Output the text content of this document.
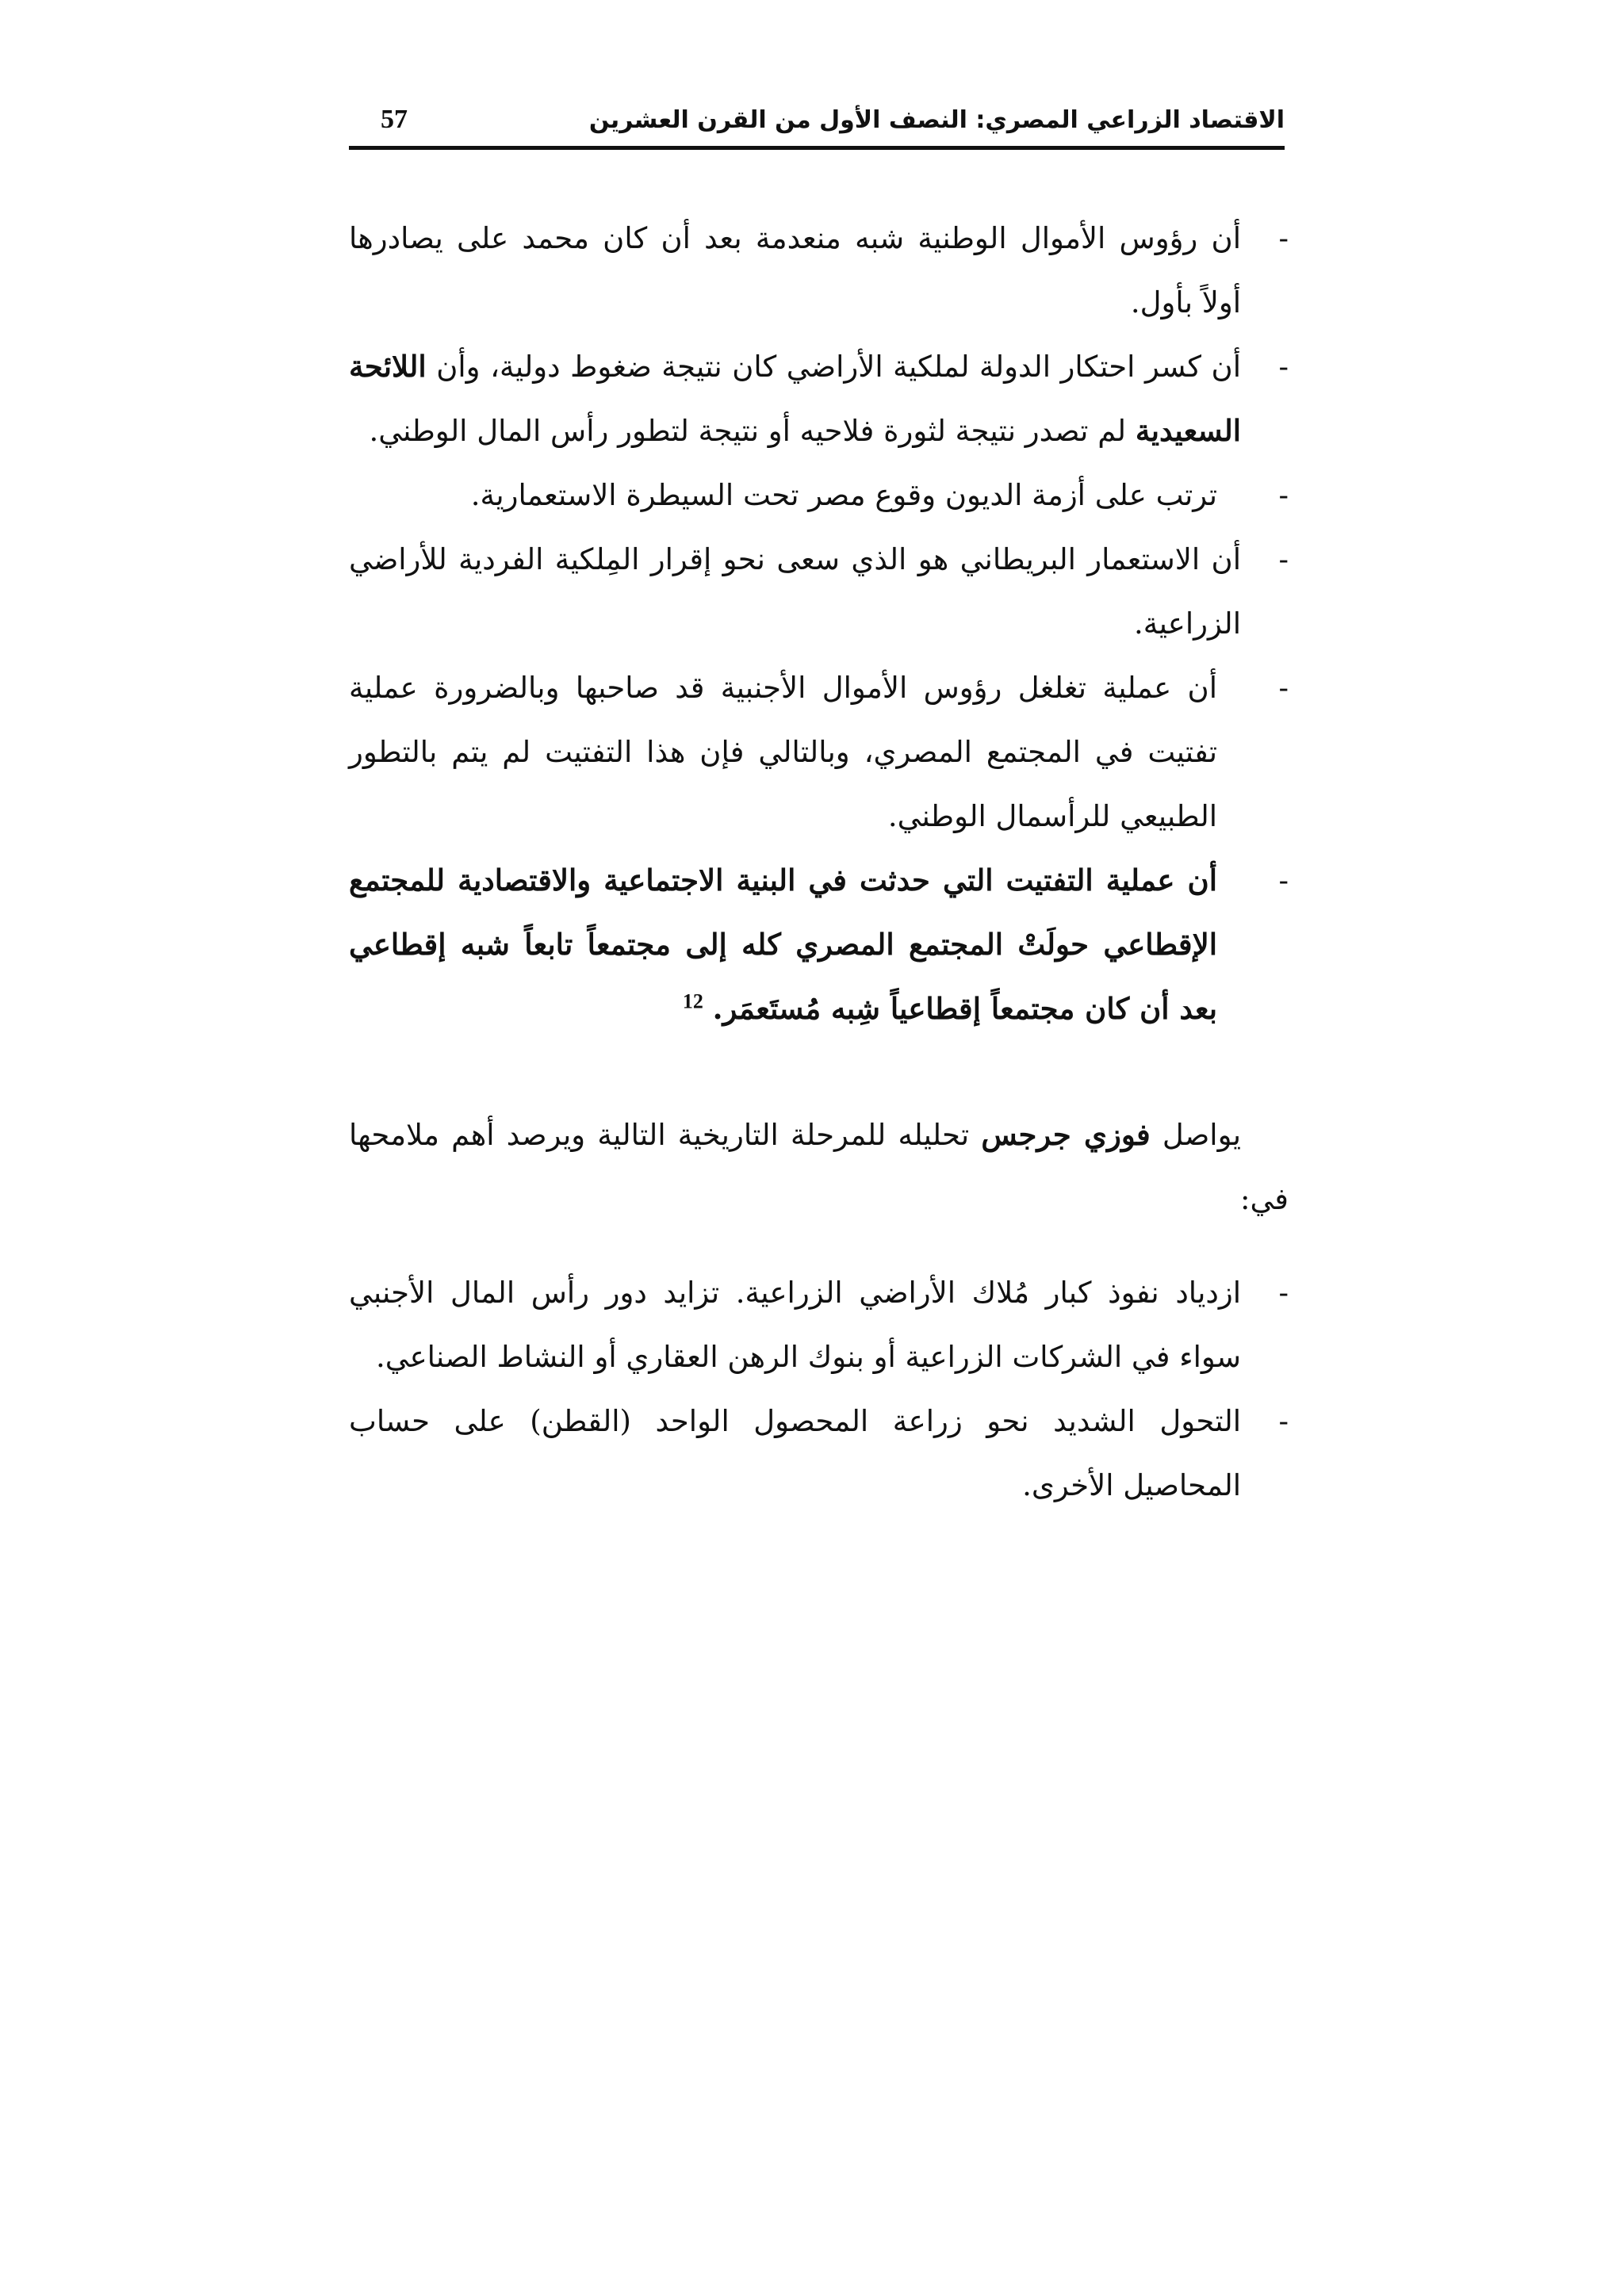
الاقتصاد الزراعي المصري: النصف الأول من القرن العشرين
57
-
أن رؤوس الأموال الوطنية شبه منعدمة بعد أن كان محمد على يصادرها أولاً بأول.
-
أن كسر احتكار الدولة لملكية الأراضي كان نتيجة ضغوط دولية، وأن اللائحة السعيدية لم تصدر نتيجة لثورة فلاحيه أو نتيجة لتطور رأس المال الوطني.
-
ترتب على أزمة الديون وقوع مصر تحت السيطرة الاستعمارية.
-
أن الاستعمار البريطاني هو الذي سعى نحو إقرار المِلكية الفردية للأراضي الزراعية.
-
أن عملية تغلغل رؤوس الأموال الأجنبية قد صاحبها وبالضرورة عملية تفتيت في المجتمع المصري، وبالتالي فإن هذا التفتيت لم يتم بالتطور الطبيعي للرأسمال الوطني.
-
أن عملية التفتيت التي حدثت في البنية الاجتماعية والاقتصادية للمجتمع الإقطاعي حولَتْ المجتمع المصري كله إلى مجتمعاً تابعاً شبه إقطاعي بعد أن كان مجتمعاً إقطاعياً شِبه مُستَعمَر. $^{12}$

يواصل فوزي جرجس تحليله للمرحلة التاريخية التالية ويرصد أهم ملامحها في:

-
ازدياد نفوذ كبار مُلاك الأراضي الزراعية. تزايد دور رأس المال الأجنبي سواء في الشركات الزراعية أو بنوك الرهن العقاري أو النشاط الصناعي.
-
التحول الشديد نحو زراعة المحصول الواحد (القطن) على حساب المحاصيل الأخرى.
